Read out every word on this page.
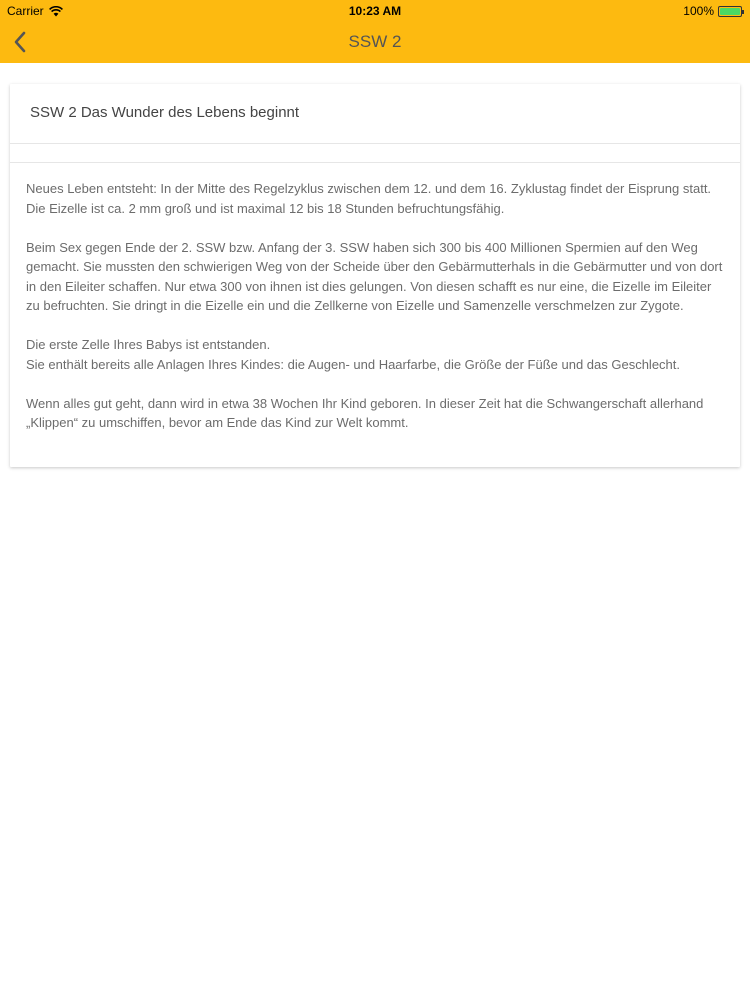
Carrier	10:23 AM	100%
SSW 2
SSW 2 Das Wunder des Lebens beginnt

Neues Leben entsteht: In der Mitte des Regelzyklus zwischen dem 12. und dem 16. Zyklustag findet der Eisprung statt. Die Eizelle ist ca. 2 mm groß und ist maximal 12 bis 18 Stunden befruchtungsfähig.

Beim Sex gegen Ende der 2. SSW bzw. Anfang der 3. SSW haben sich 300 bis 400 Millionen Spermien auf den Weg gemacht. Sie mussten den schwierigen Weg von der Scheide über den Gebärmutterhals in die Gebärmutter und von dort in den Eileiter schaffen. Nur etwa 300 von ihnen ist dies gelungen. Von diesen schafft es nur eine, die Eizelle im Eileiter zu befruchten. Sie dringt in die Eizelle ein und die Zellkerne von Eizelle und Samenzelle verschmelzen zur Zygote.

Die erste Zelle Ihres Babys ist entstanden.
Sie enthält bereits alle Anlagen Ihres Kindes: die Augen- und Haarfarbe, die Größe der Füße und das Geschlecht.

Wenn alles gut geht, dann wird in etwa 38 Wochen Ihr Kind geboren. In dieser Zeit hat die Schwangerschaft allerhand „Klippen“ zu umschiffen, bevor am Ende das Kind zur Welt kommt.
